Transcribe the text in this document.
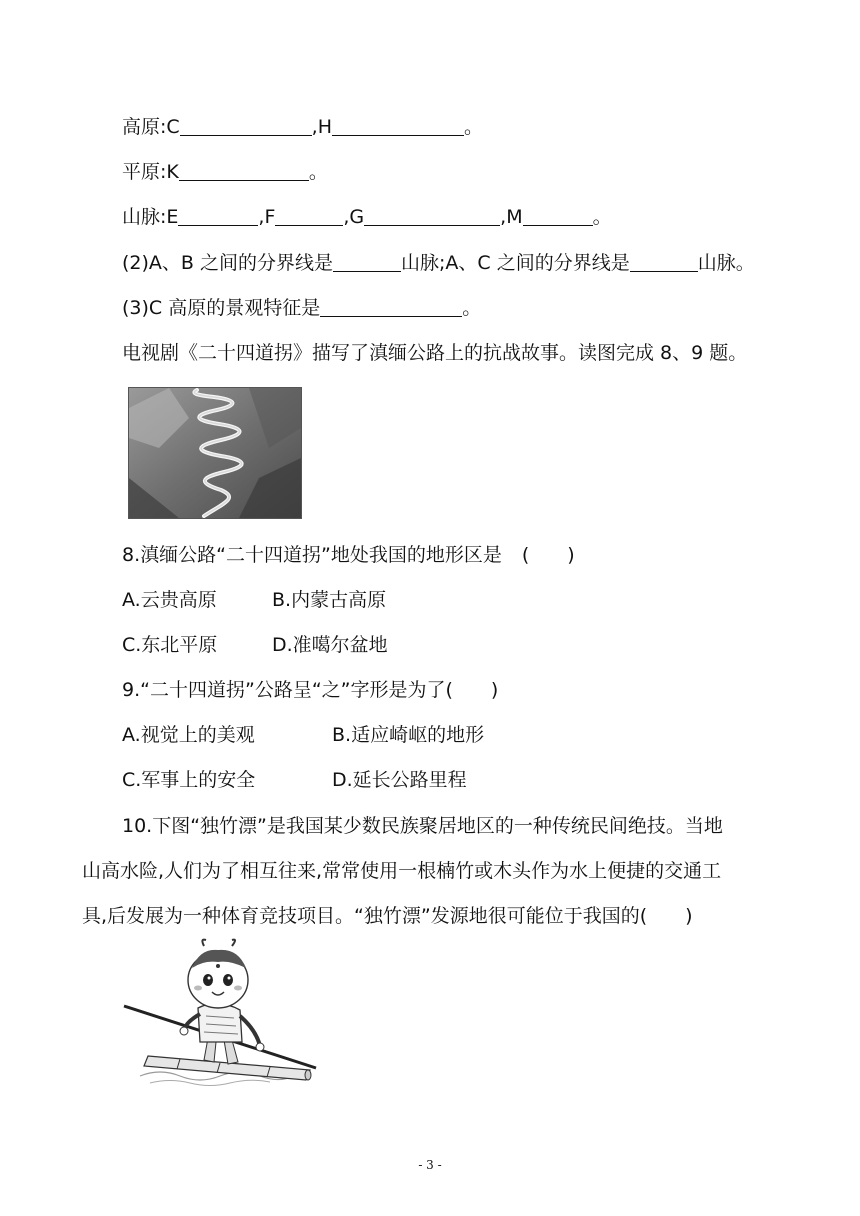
高原:C	,H	。
平原:K	。
山脉:E	,F	,G	,M	。
(2)A、B 之间的分界线是	山脉;A、C 之间的分界线是	山脉。
(3)C 高原的景观特征是	。
电视剧《二十四道拐》描写了滇缅公路上的抗战故事。读图完成 8、9 题。
8.滇缅公路“二十四道拐”地处我国的地形区是 (　　)
A.云贵高原	B.内蒙古高原
C.东北平原	D.准噶尔盆地
9.“二十四道拐”公路呈“之”字形是为了(　　)
A.视觉上的美观	B.适应崎岖的地形
C.军事上的安全	D.延长公路里程
10.下图“独竹漂”是我国某少数民族聚居地区的一种传统民间绝技。当地
山高水险,人们为了相互往来,常常使用一根楠竹或木头作为水上便捷的交通工
具,后发展为一种体育竞技项目。“独竹漂”发源地很可能位于我国的(　　)
- 3 -
